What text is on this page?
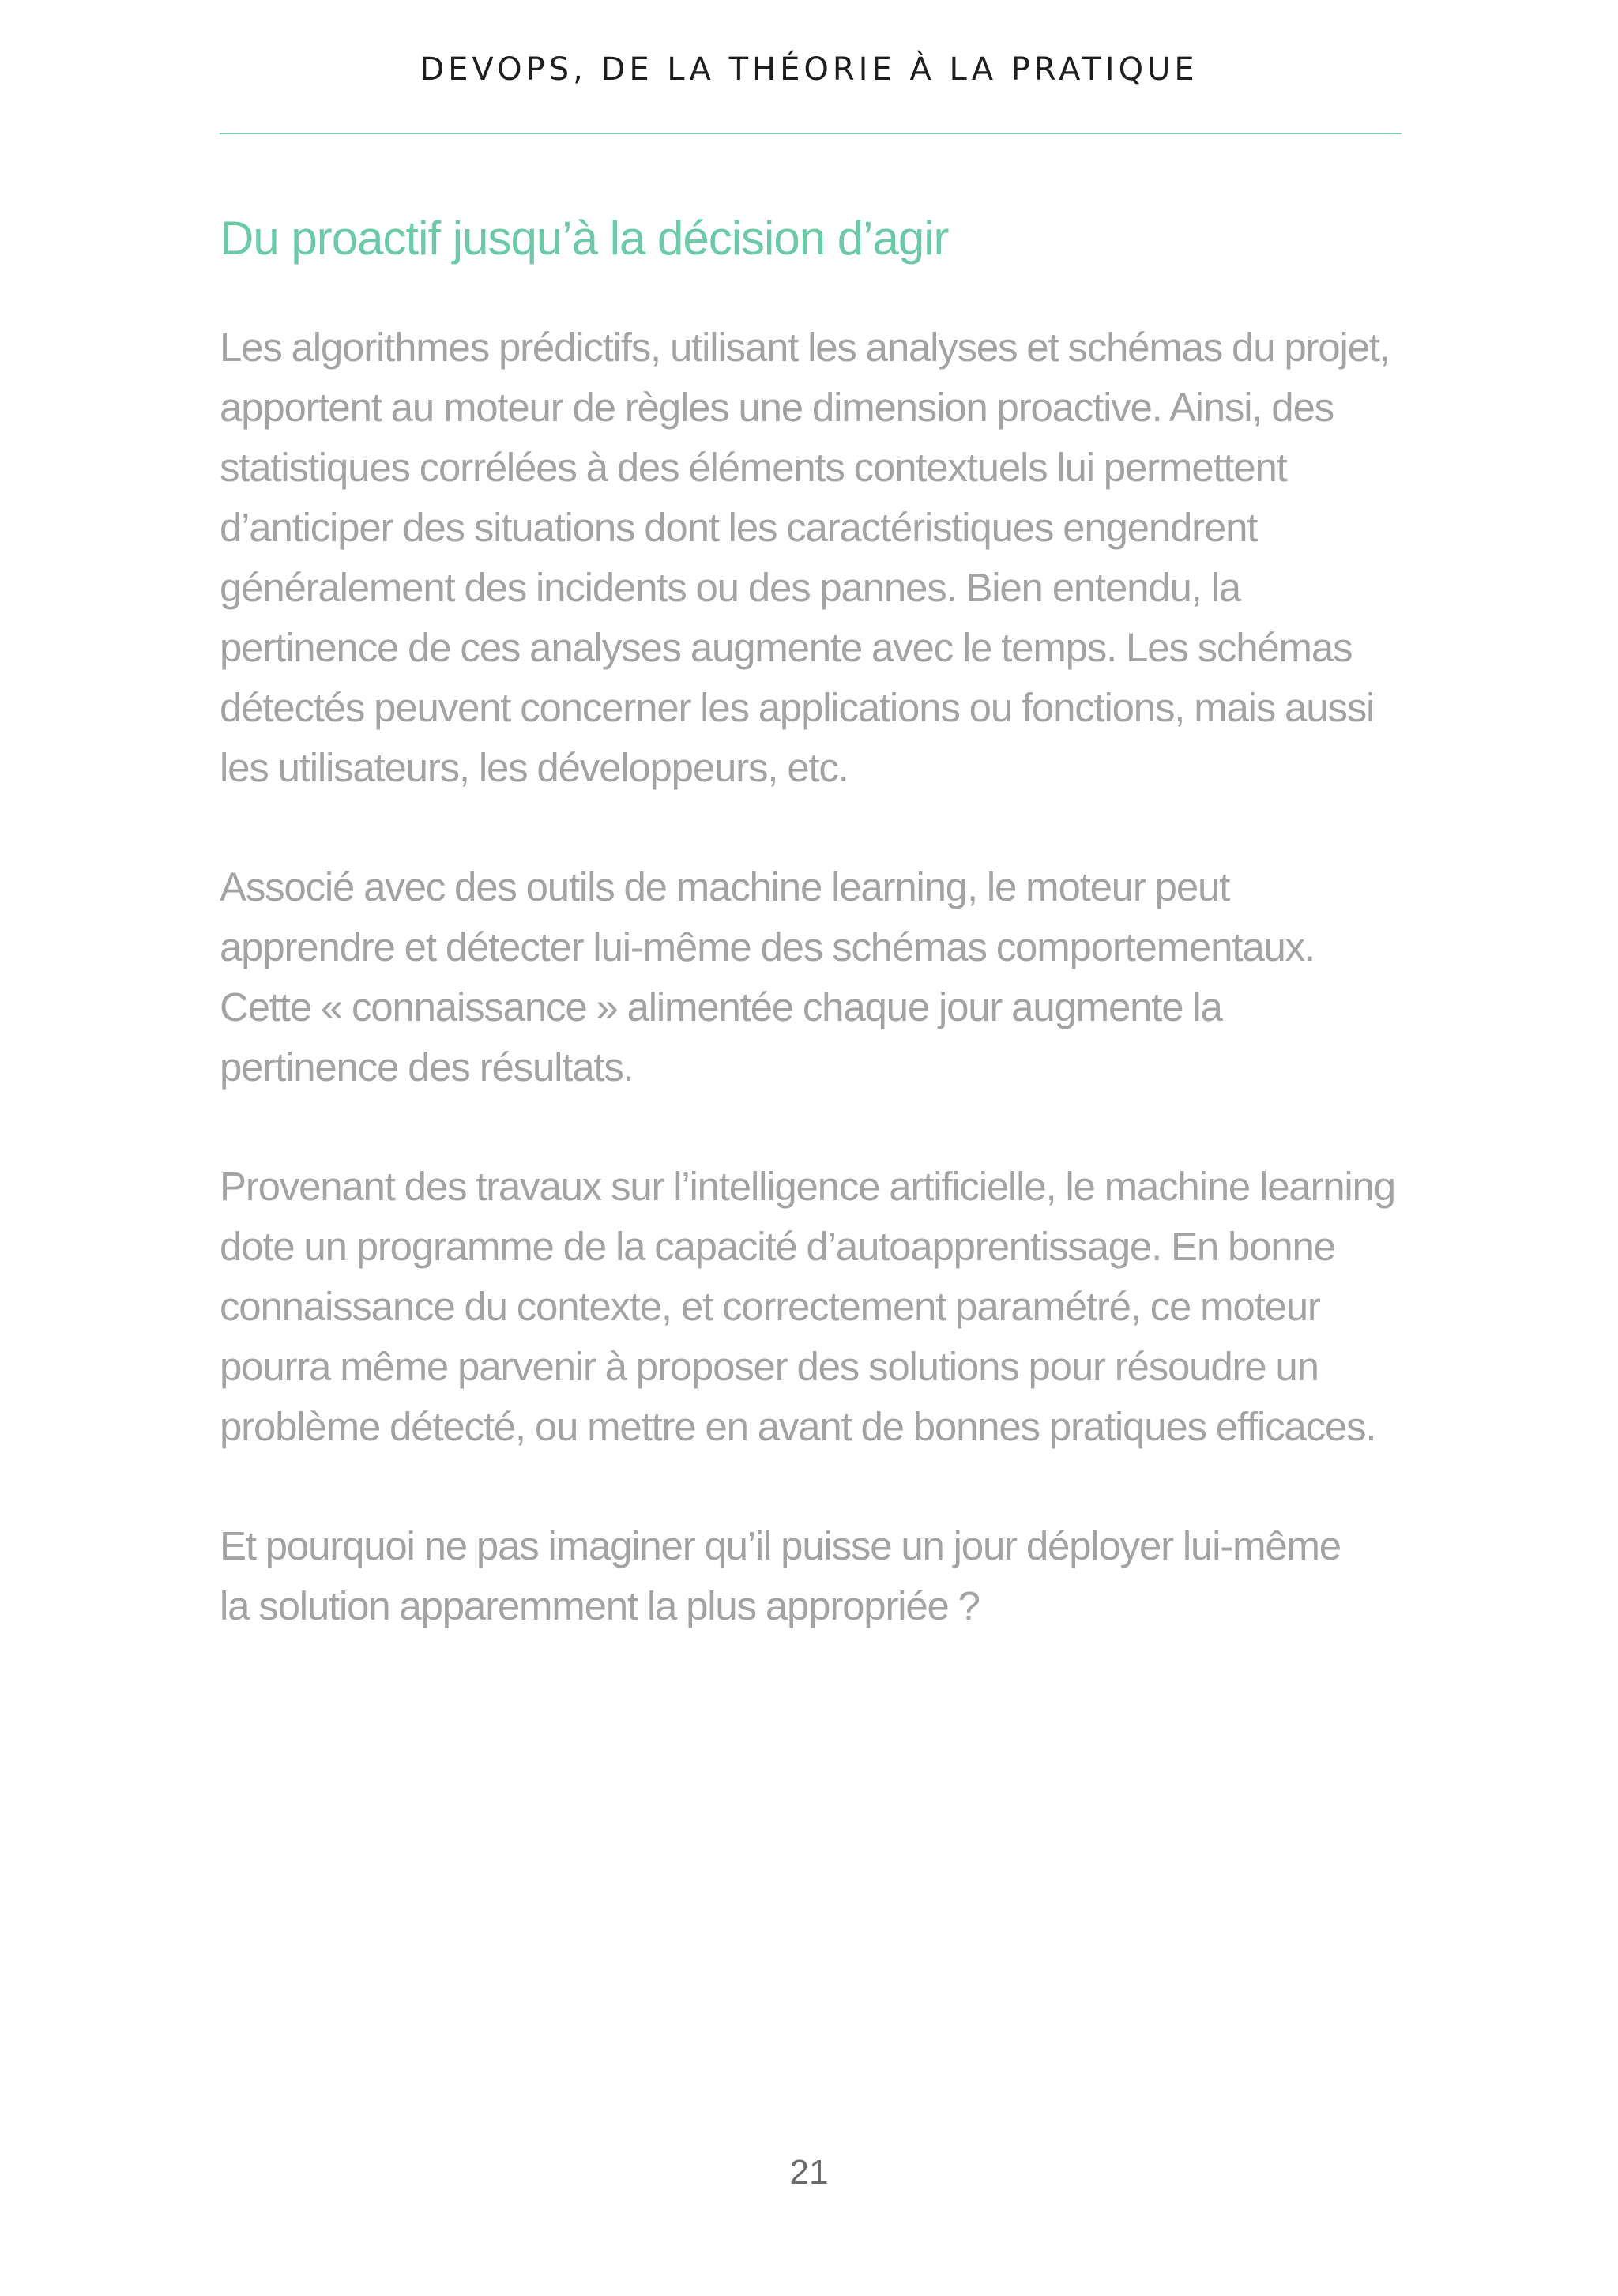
DEVOPS, DE LA THÉORIE À LA PRATIQUE
Du proactif jusqu’à la décision d’agir

Les algorithmes prédictifs, utilisant les analyses et schémas du projet,
apportent au moteur de règles une dimension proactive. Ainsi, des
statistiques corrélées à des éléments contextuels lui permettent
d’anticiper des situations dont les caractéristiques engendrent
généralement des incidents ou des pannes. Bien entendu, la
pertinence de ces analyses augmente avec le temps. Les schémas
détectés peuvent concerner les applications ou fonctions, mais aussi
les utilisateurs, les développeurs, etc.

Associé avec des outils de machine learning, le moteur peut
apprendre et détecter lui-même des schémas comportementaux.
Cette « connaissance » alimentée chaque jour augmente la
pertinence des résultats.

Provenant des travaux sur l’intelligence artificielle, le machine learning
dote un programme de la capacité d’autoapprentissage. En bonne
connaissance du contexte, et correctement paramétré, ce moteur
pourra même parvenir à proposer des solutions pour résoudre un
problème détecté, ou mettre en avant de bonnes pratiques efficaces.

Et pourquoi ne pas imaginer qu’il puisse un jour déployer lui-même
la solution apparemment la plus appropriée ?

21
